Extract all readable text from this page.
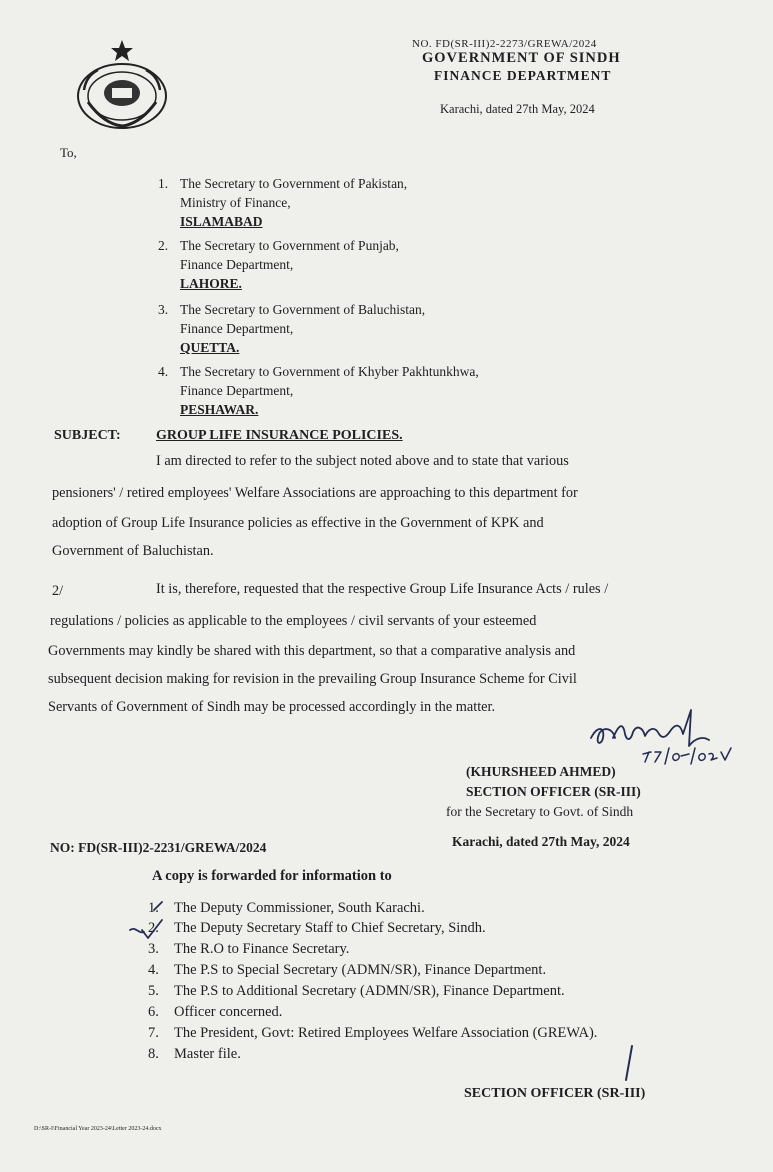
NO. FD(SR-III)2-2273/GREWA/2024
GOVERNMENT OF SINDH
FINANCE DEPARTMENT
Karachi, dated 27th May, 2024
To,
1. The Secretary to Government of Pakistan,
Ministry of Finance,
ISLAMABAD
2. The Secretary to Government of Punjab,
Finance Department,
LAHORE.
3. The Secretary to Government of Baluchistan,
Finance Department,
QUETTA.
4. The Secretary to Government of Khyber Pakhtunkhwa,
Finance Department,
PESHAWAR.
SUBJECT:	GROUP LIFE INSURANCE POLICIES.
I am directed to refer to the subject noted above and to state that various
pensioners' / retired employees' Welfare Associations are approaching to this department for
adoption of Group Life Insurance policies as effective in the Government of KPK and
Government of Baluchistan.
2/	It is, therefore, requested that the respective Group Life Insurance Acts / rules /
regulations / policies as applicable to the employees / civil servants of your esteemed
Governments may kindly be shared with this department, so that a comparative analysis and
subsequent decision making for revision in the prevailing Group Insurance Scheme for Civil
Servants of Government of Sindh may be processed accordingly in the matter.
(KHURSHEED AHMED)
SECTION OFFICER (SR-III)
for the Secretary to Govt. of Sindh
NO: FD(SR-III)2-2231/GREWA/2024	Karachi, dated 27th May, 2024
A copy is forwarded for information to
1.	The Deputy Commissioner, South Karachi.
2.	The Deputy Secretary Staff to Chief Secretary, Sindh.
3.	The R.O to Finance Secretary.
4.	The P.S to Special Secretary (ADMN/SR), Finance Department.
5.	The P.S to Additional Secretary (ADMN/SR), Finance Department.
6.	Officer concerned.
7.	The President, Govt: Retired Employees Welfare Association (GREWA).
8.	Master file.
SECTION OFFICER (SR-III)
D:\SR-I\Financial Year 2023-24\Letter 2023-24.docx
